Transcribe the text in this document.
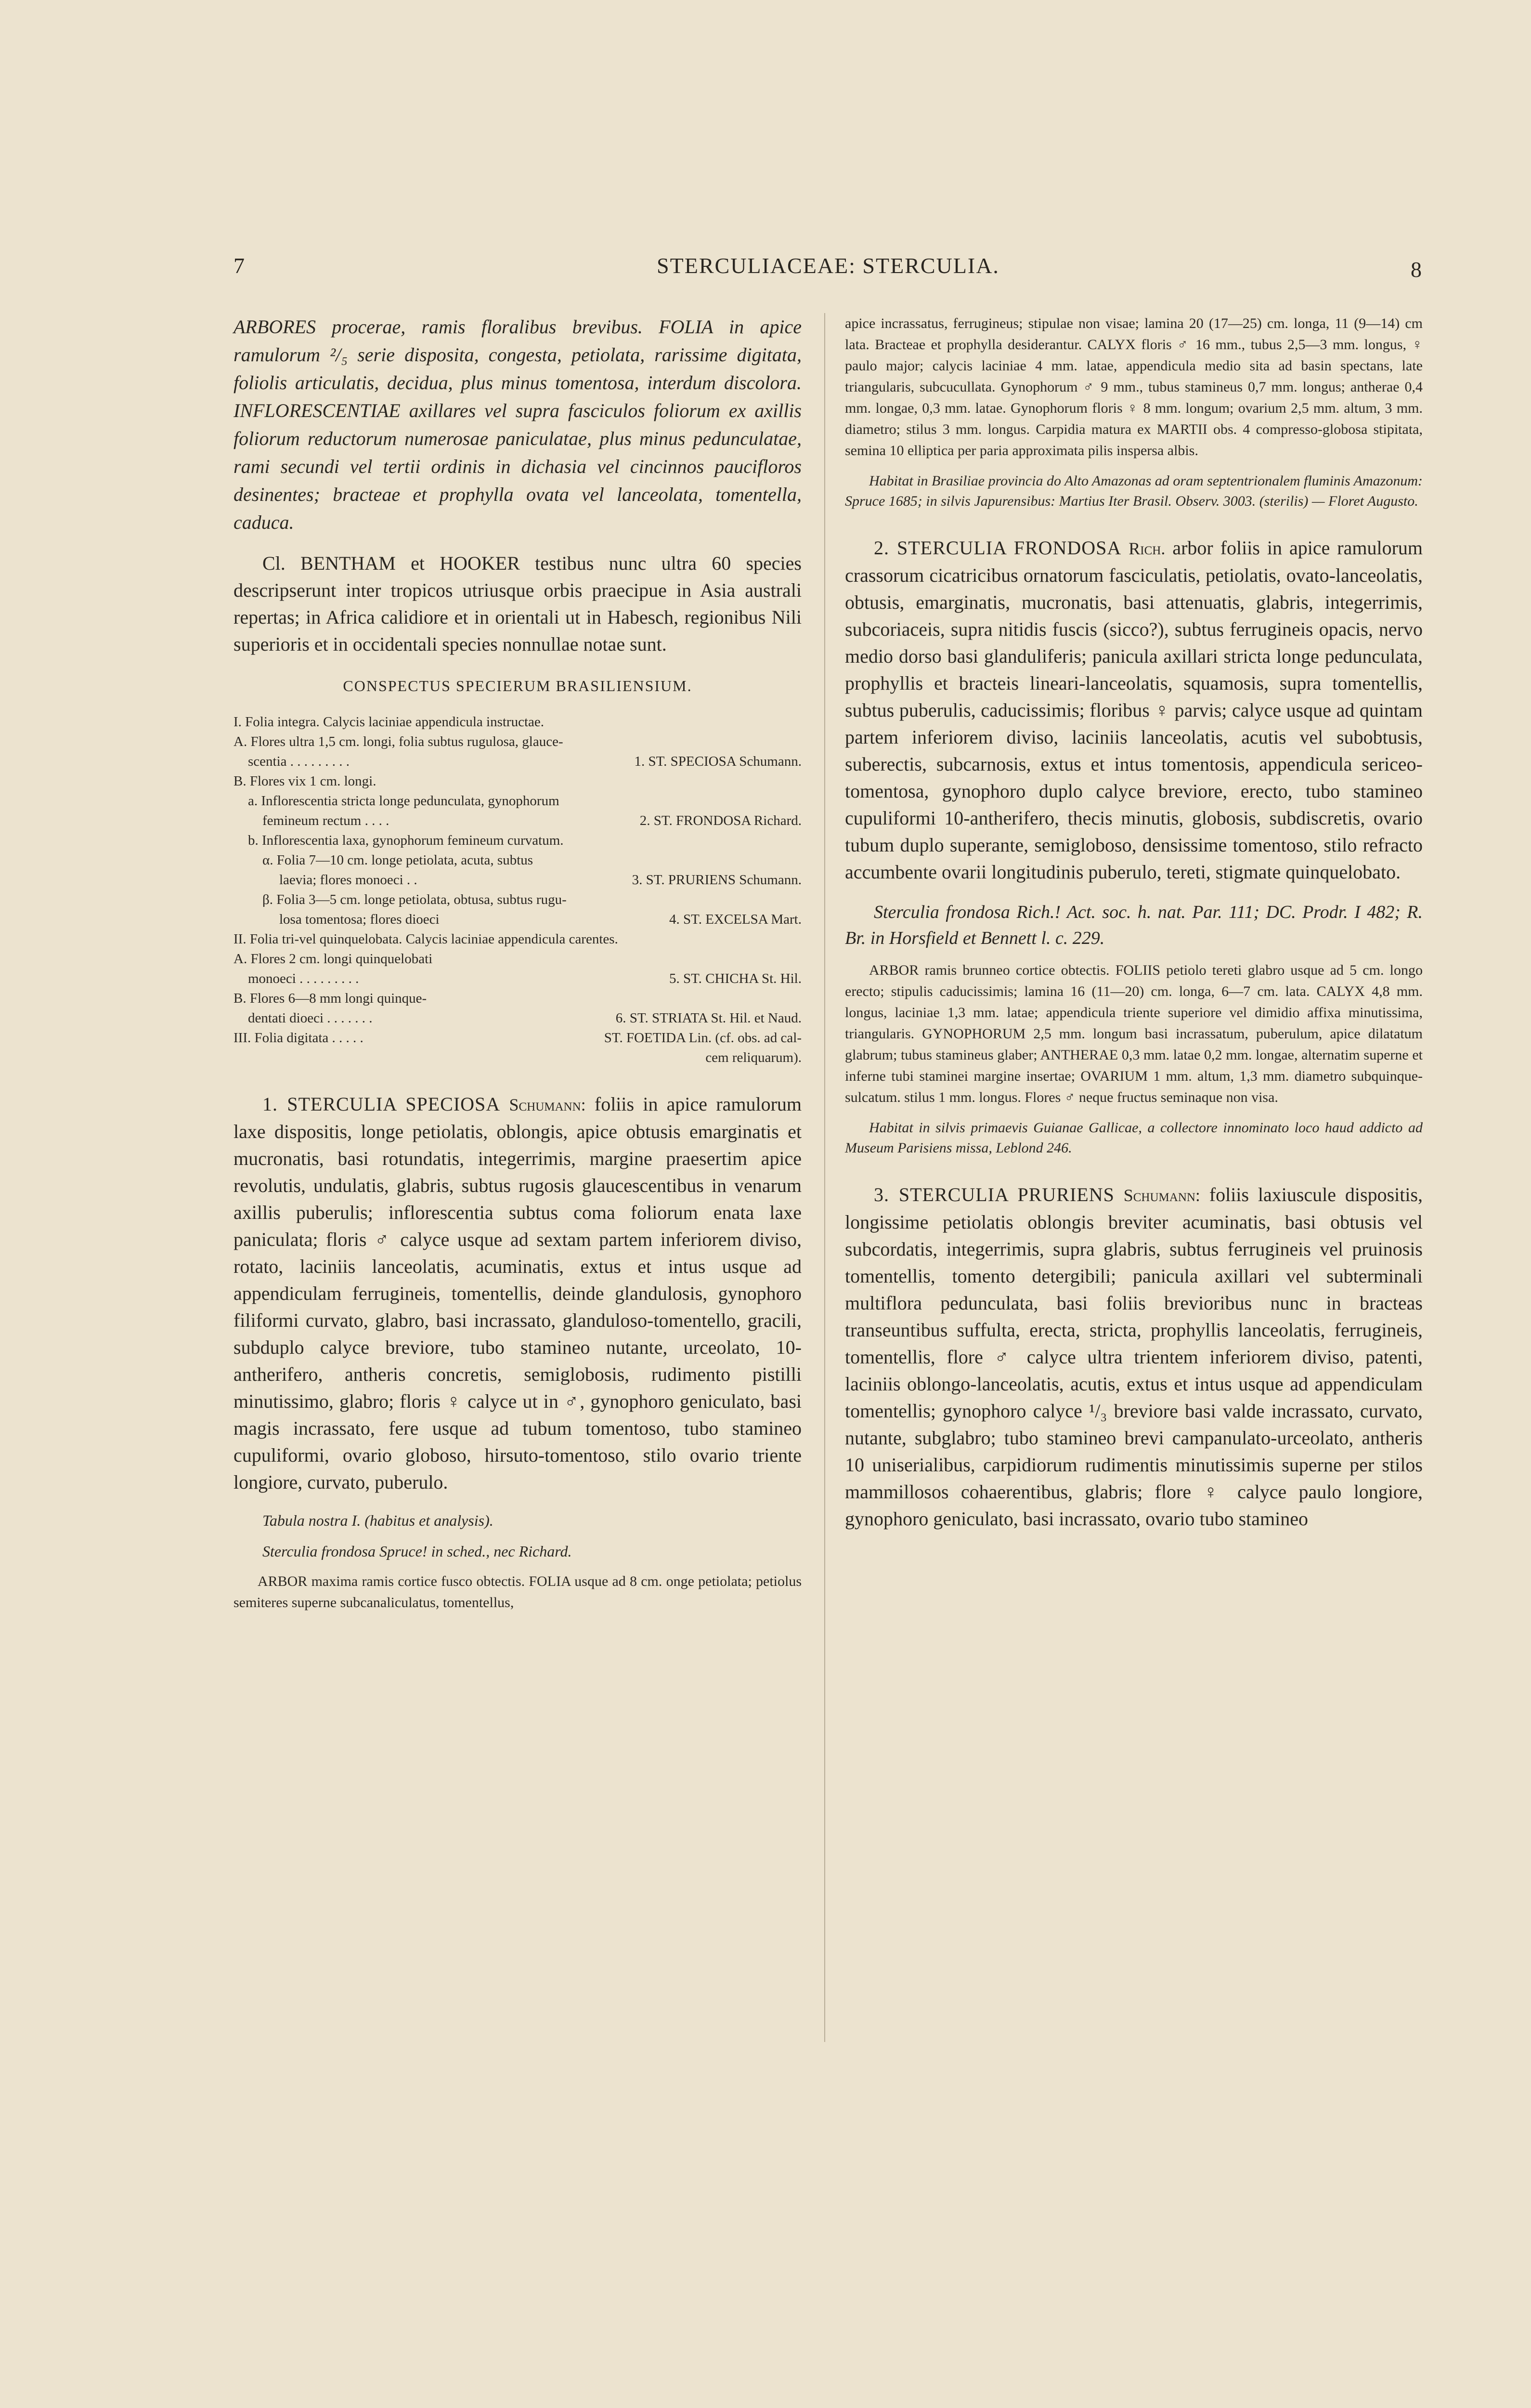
7	STERCULIACEAE: STERCULIA.	8

ARBORES procerae, ramis floralibus brevibus. FOLIA in apice ramulorum ²/₅ serie disposita, congesta, petiolata, rarissime digitata, foliolis articulatis, decidua, plus minus tomentosa, interdum discolora. INFLORESCENTIAE axillares vel supra fasciculos foliorum ex axillis foliorum reductorum numerosae paniculatae, plus minus pedunculatae, rami secundi vel tertii ordinis in dichasia vel cincinnos paucifloros desinentes; bracteae et prophylla ovata vel lanceolata, tomentella, caduca.

Cl. BENTHAM et HOOKER testibus nunc ultra 60 species descripserunt inter tropicos utriusque orbis praecipue in Asia australi repertas; in Africa calidiore et in orientali ut in Habesch, regionibus Nili superioris et in occidentali species nonnullae notae sunt.

CONSPECTUS SPECIERUM BRASILIENSIUM.
I. Folia integra. Calycis laciniae appendicula instructae.
A. Flores ultra 1,5 cm. longi, folia subtus rugulosa, glauce-
scentia . . . . . . . . .	1. ST. SPECIOSA Schumann.
B. Flores vix 1 cm. longi.
a. Inflorescentia stricta longe pedunculata, gynophorum
femineum rectum . . . .	2. ST. FRONDOSA Richard.
b. Inflorescentia laxa, gynophorum femineum curvatum.
α. Folia 7—10 cm. longe petiolata, acuta, subtus
laevia; flores monoeci . .	3. ST. PRURIENS Schumann.
β. Folia 3—5 cm. longe petiolata, obtusa, subtus rugu-
losa tomentosa; flores dioeci	4. ST. EXCELSA Mart.
II. Folia tri-vel quinquelobata. Calycis laciniae appendicula carentes.
A. Flores 2 cm. longi quinquelobati
monoeci . . . . . . . . .	5. ST. CHICHA St. Hil.
B. Flores 6—8 mm longi quinque-
dentati dioeci . . . . . . .	6. ST. STRIATA St. Hil. et Naud.
III. Folia digitata . . . . .	ST. FOETIDA Lin. (cf. obs. ad cal-
cem reliquarum).

1. STERCULIA SPECIOSA Schumann: foliis in apice ramulorum laxe dispositis, longe petiolatis, oblongis, apice obtusis emarginatis et mucronatis, basi rotundatis, integerrimis, margine praesertim apice revolutis, undulatis, glabris, subtus rugosis glaucescentibus in venarum axillis puberulis; inflorescentia subtus coma foliorum enata laxe paniculata; floris ♂ calyce usque ad sextam partem inferiorem diviso, rotato, laciniis lanceolatis, acuminatis, extus et intus usque ad appendiculam ferrugineis, tomentellis, deinde glandulosis, gynophoro filiformi curvato, glabro, basi incrassato, glanduloso-tomentello, gracili, subduplo calyce breviore, tubo stamineo nutante, urceolato, 10-antherifero, antheris concretis, semiglobosis, rudimento pistilli minutissimo, glabro; floris ♀ calyce ut in ♂, gynophoro geniculato, basi magis incrassato, fere usque ad tubum tomentoso, tubo stamineo cupuliformi, ovario globoso, hirsuto-tomentoso, stilo ovario triente longiore, curvato, puberulo.

Tabula nostra I. (habitus et analysis).

Sterculia frondosa Spruce! in sched., nec Richard.

ARBOR maxima ramis cortice fusco obtectis. FOLIA usque ad 8 cm. onge petiolata; petiolus semiteres superne subcanaliculatus, tomentellus,

apice incrassatus, ferrugineus; stipulae non visae; lamina 20 (17—25) cm. longa, 11 (9—14) cm lata. Bracteae et prophylla desiderantur. CALYX floris ♂ 16 mm., tubus 2,5—3 mm. longus, ♀ paulo major; calycis laciniae 4 mm. latae, appendicula medio sita ad basin spectans, late triangularis, subcucullata. Gynophorum ♂ 9 mm., tubus stamineus 0,7 mm. longus; antherae 0,4 mm. longae, 0,3 mm. latae. Gynophorum floris ♀ 8 mm. longum; ovarium 2,5 mm. altum, 3 mm. diametro; stilus 3 mm. longus. Carpidia matura ex MARTII obs. 4 compresso-globosa stipitata, semina 10 elliptica per paria approximata pilis inspersa albis.

Habitat in Brasiliae provincia do Alto Amazonas ad oram septentrionalem fluminis Amazonum: Spruce 1685; in silvis Japurensibus: Martius Iter Brasil. Observ. 3003. (sterilis) — Floret Augusto.

2. STERCULIA FRONDOSA Rich. arbor foliis in apice ramulorum crassorum cicatricibus ornatorum fasciculatis, petiolatis, ovato-lanceolatis, obtusis, emarginatis, mucronatis, basi attenuatis, glabris, integerrimis, subcoriaceis, supra nitidis fuscis (sicco?), subtus ferrugineis opacis, nervo medio dorso basi glanduliferis; panicula axillari stricta longe pedunculata, prophyllis et bracteis lineari-lanceolatis, squamosis, supra tomentellis, subtus puberulis, caducissimis; floribus ♀ parvis; calyce usque ad quintam partem inferiorem diviso, laciniis lanceolatis, acutis vel subobtusis, suberectis, subcarnosis, extus et intus tomentosis, appendicula sericeo-tomentosa, gynophoro duplo calyce breviore, erecto, tubo stamineo cupuliformi 10-antherifero, thecis minutis, globosis, subdiscretis, ovario tubum duplo superante, semigloboso, densissime tomentoso, stilo refracto accumbente ovarii longitudinis puberulo, tereti, stigmate quinquelobato.

Sterculia frondosa Rich.! Act. soc. h. nat. Par. 111; DC. Prodr. I 482; R. Br. in Horsfield et Bennett l. c. 229.

ARBOR ramis brunneo cortice obtectis. FOLIIS petiolo tereti glabro usque ad 5 cm. longo erecto; stipulis caducissimis; lamina 16 (11—20) cm. longa, 6—7 cm. lata. CALYX 4,8 mm. longus, laciniae 1,3 mm. latae; appendicula triente superiore vel dimidio affixa minutissima, triangularis. GYNOPHORUM 2,5 mm. longum basi incrassatum, puberulum, apice dilatatum glabrum; tubus stamineus glaber; ANTHERAE 0,3 mm. latae 0,2 mm. longae, alternatim superne et inferne tubi staminei margine insertae; OVARIUM 1 mm. altum, 1,3 mm. diametro subquinque-sulcatum. stilus 1 mm. longus. Flores ♂ neque fructus seminaque non visa.

Habitat in silvis primaevis Guianae Gallicae, a collectore innominato loco haud addicto ad Museum Parisiens missa, Leblond 246.

3. STERCULIA PRURIENS Schumann: foliis laxiuscule dispositis, longissime petiolatis oblongis breviter acuminatis, basi obtusis vel subcordatis, integerrimis, supra glabris, subtus ferrugineis vel pruinosis tomentellis, tomento detergibili; panicula axillari vel subterminali multiflora pedunculata, basi foliis brevioribus nunc in bracteas transeuntibus suffulta, erecta, stricta, prophyllis lanceolatis, ferrugineis, tomentellis, flore ♂ calyce ultra trientem inferiorem diviso, patenti, laciniis oblongo-lanceolatis, acutis, extus et intus usque ad appendiculam tomentellis; gynophoro calyce ¹/₃ breviore basi valde incrassato, curvato, nutante, subglabro; tubo stamineo brevi campanulato-urceolato, antheris 10 uniserialibus, carpidiorum rudimentis minutissimis superne per stilos mammillosos cohaerentibus, glabris; flore ♀ calyce paulo longiore, gynophoro geniculato, basi incrassato, ovario tubo stamineo
